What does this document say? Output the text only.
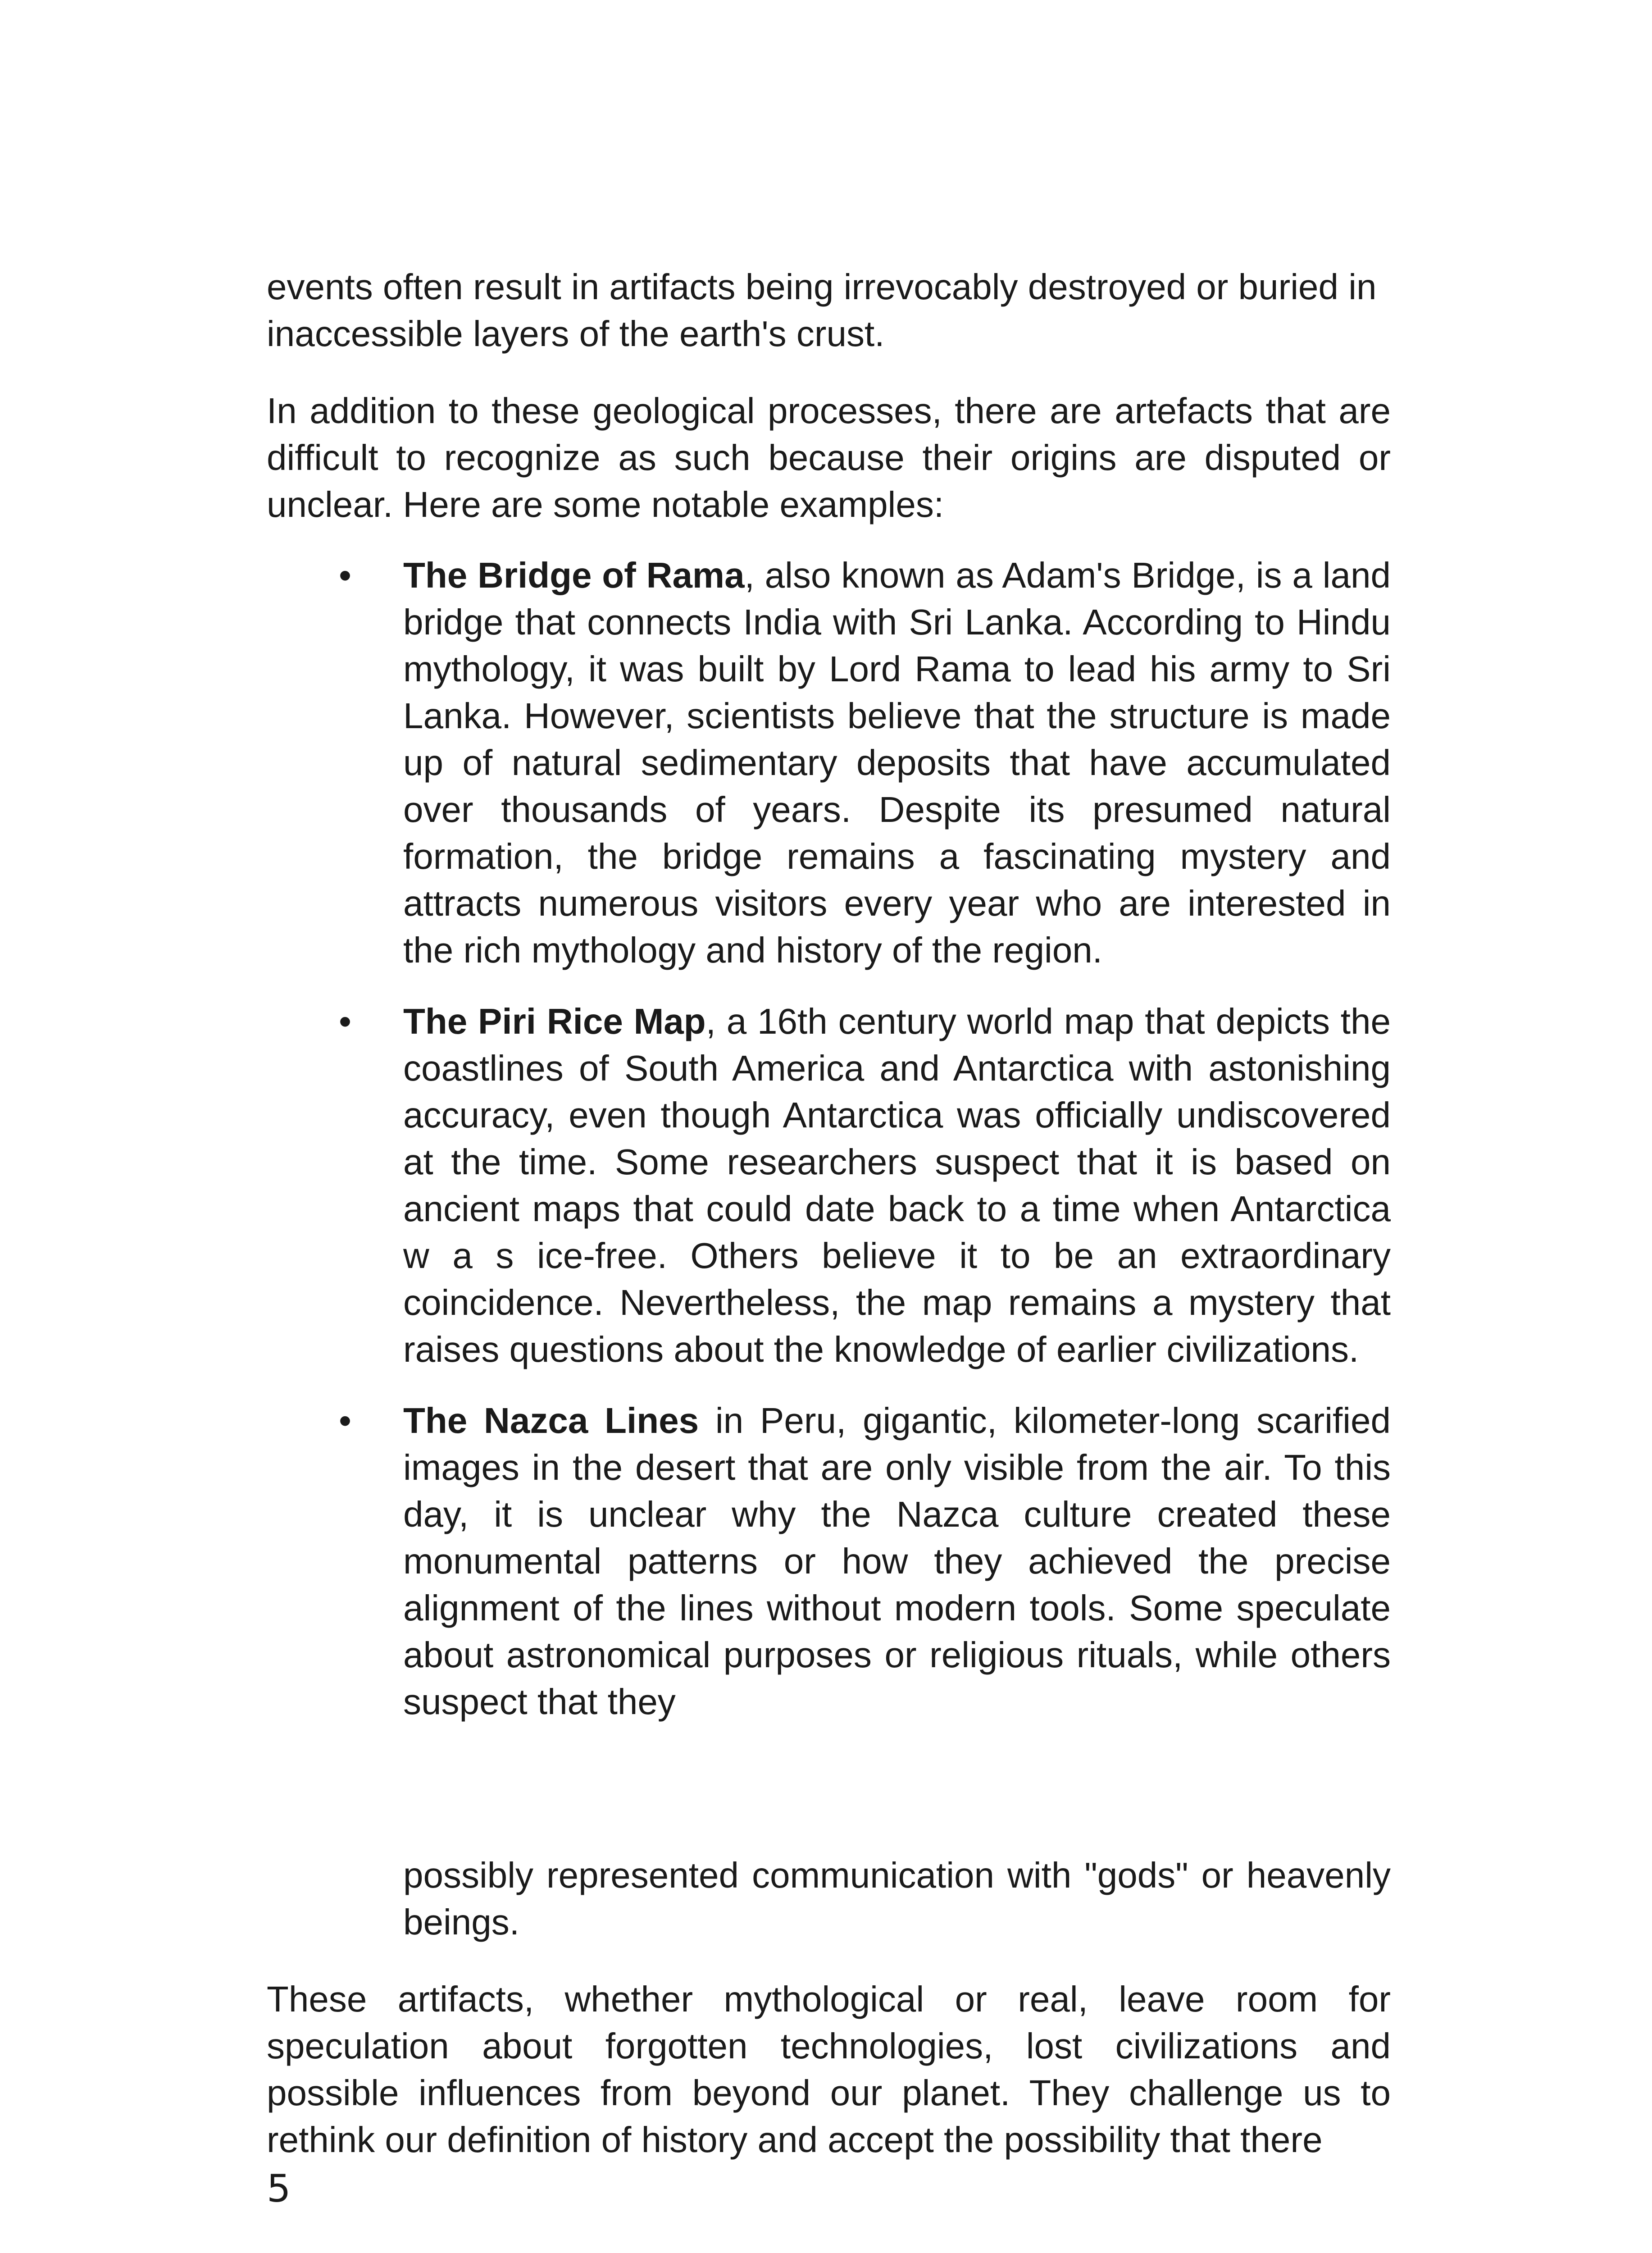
events often result in artifacts being irrevocably destroyed or buried in inaccessible layers of the earth's crust.

In addition to these geological processes, there are artefacts that are difficult to recognize as such because their origins are disputed or unclear. Here are some notable examples:

• The Bridge of Rama, also known as Adam's Bridge, is a land bridge that connects India with Sri Lanka. According to Hindu mythology, it was built by Lord Rama to lead his army to Sri Lanka. However, scientists believe that the structure is made up of natural sedimentary deposits that have accumulated over thousands of years. Despite its presumed natural formation, the bridge remains a fascinating mystery and attracts numerous visitors every year who are interested in the rich mythology and history of the region.
• The Piri Rice Map, a 16th century world map that depicts the coastlines of South America and Antarctica with astonishing accuracy, even though Antarctica was officially undiscovered at the time. Some researchers suspect that it is based on ancient maps that could date back to a time when Antarctica w a s ice-free. Others believe it to be an extraordinary coincidence. Nevertheless, the map remains a mystery that raises questions about the knowledge of earlier civilizations.
• The Nazca Lines in Peru, gigantic, kilometer-long scarified images in the desert that are only visible from the air. To this day, it is unclear why the Nazca culture created these monumental patterns or how they achieved the precise alignment of the lines without modern tools. Some speculate about astronomical purposes or religious rituals, while others suspect that they

possibly represented communication with "gods" or heavenly beings.

These artifacts, whether mythological or real, leave room for speculation about forgotten technologies, lost civilizations and possible influences from beyond our planet. They challenge us to rethink our definition of history and accept the possibility that there

5
